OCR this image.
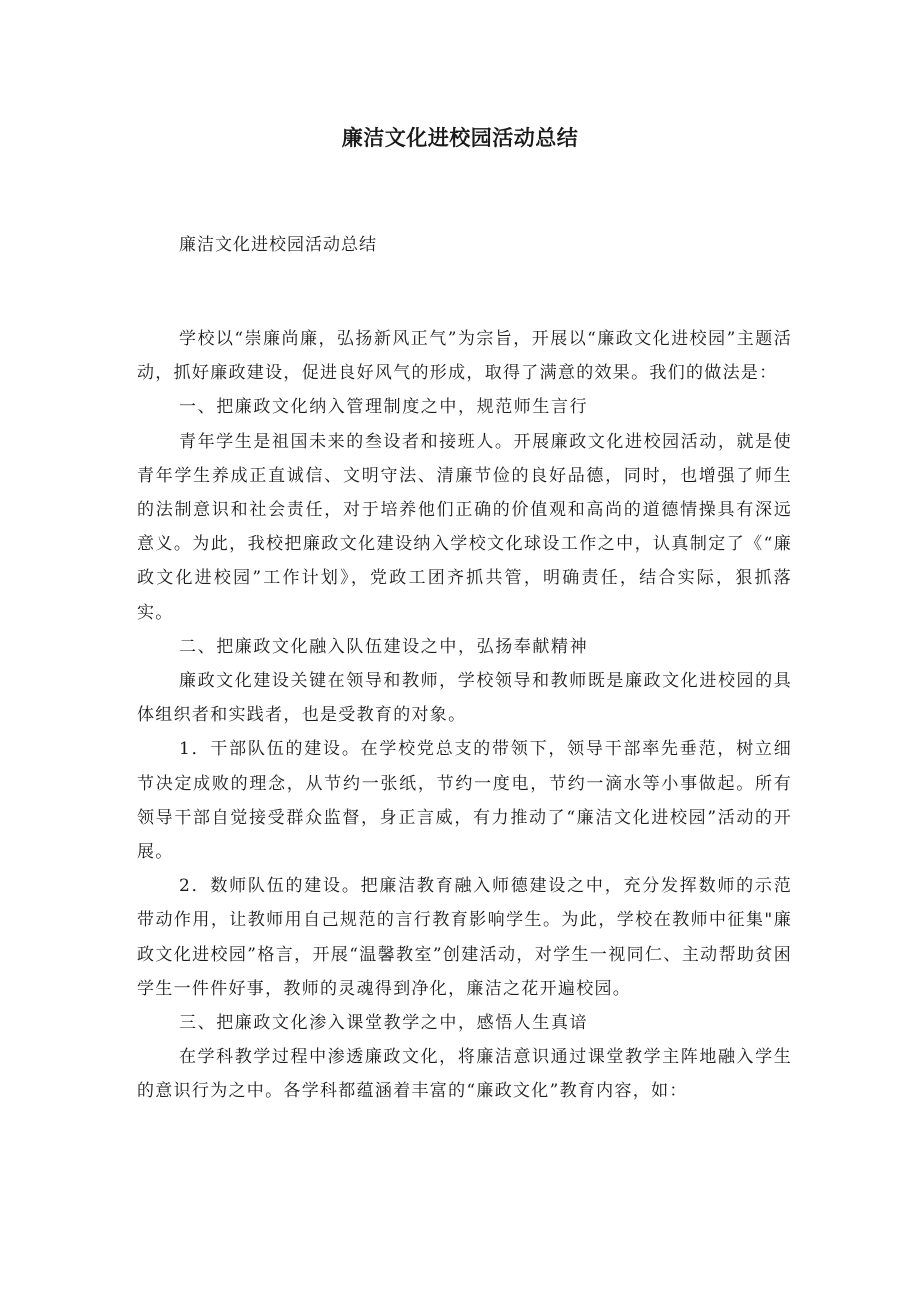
廉洁文化进校园活动总结
廉洁文化进校园活动总结

学校以“崇廉尚廉，弘扬新风正气”为宗旨，开展以“廉政文化进校园”主题活动，抓好廉政建设，促进良好风气的形成，取得了满意的效果。我们的做法是：

一、把廉政文化纳入管理制度之中，规范师生言行

青年学生是祖国未来的叁设者和接班人。开展廉政文化进校园活动，就是使青年学生养成正直诚信、文明守法、清廉节俭的良好品德，同时，也增强了师生的法制意识和社会责任，对于培养他们正确的价值观和高尚的道德情操具有深远意义。为此，我校把廉政文化建设纳入学校文化球设工作之中，认真制定了《“廉政文化进校园”工作计划》，党政工团齐抓共管，明确责任，结合实际，狠抓落实。

二、把廉政文化融入队伍建设之中，弘扬奉献精神

廉政文化建设关键在领导和教师，学校领导和教师既是廉政文化进校园的具体组织者和实践者，也是受教育的对象。

1．干部队伍的建设。在学校党总支的带领下，领导干部率先垂范，树立细节决定成败的理念，从节约一张纸，节约一度电，节约一滴水等小事做起。所有领导干部自觉接受群众监督，身正言威，有力推动了“廉洁文化进校园”活动的开展。

2．数师队伍的建设。把廉洁教育融入师德建设之中，充分发挥数师的示范带动作用，让教师用自己规范的言行教育影响学生。为此，学校在教师中征集"廉政文化进校园”格言，开展“温馨教室”创建活动，对学生一视同仁、主动帮助贫困学生一件件好事，教师的灵魂得到净化，廉洁之花开遍校园。

三、把廉政文化渗入课堂教学之中，感悟人生真谙

在学科教学过程中渗透廉政文化，将廉洁意识通过课堂教学主阵地融入学生的意识行为之中。各学科都蕴涵着丰富的“廉政文化”教育内容，如：
